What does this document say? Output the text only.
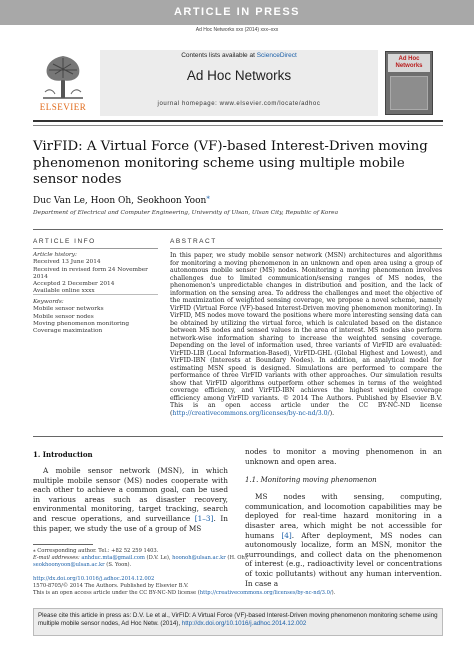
ARTICLE IN PRESS
Ad Hoc Networks xxx (2014) xxx–xxx
ELSEVIER
Contents lists available at ScienceDirect
Ad Hoc Networks
journal homepage: www.elsevier.com/locate/adhoc
Ad Hoc Networks
VirFID: A Virtual Force (VF)-based Interest-Driven moving phenomenon monitoring scheme using multiple mobile sensor nodes
Duc Van Le, Hoon Oh, Seokhoon Yoon⁎
Department of Electrical and Computer Engineering, University of Ulsan, Ulsan City, Republic of Korea
ARTICLE INFO	ABSTRACT
Article history:
Received 13 June 2014
Received in revised form 24 November 2014
Accepted 2 December 2014
Available online xxxx
Keywords:
Mobile sensor networks
Mobile sensor nodes
Moving phenomenon monitoring
Coverage maximization
In this paper, we study mobile sensor network (MSN) architectures and algorithms for monitoring a moving phenomenon in an unknown and open area using a group of autonomous mobile sensor (MS) nodes. Monitoring a moving phenomenon involves challenges due to limited communication/sensing ranges of MS nodes, the phenomenon's unpredictable changes in distribution and position, and the lack of information on the sensing area. To address the challenges and meet the objective of the maximization of weighted sensing coverage, we propose a novel scheme, namely VirFID (Virtual Force (VF)-based Interest-Driven moving phenomenon monitoring). In VirFID, MS nodes move toward the positions where more interesting sensing data can be obtained by utilizing the virtual force, which is calculated based on the distance between MS nodes and sensed values in the area of interest. MS nodes also perform network-wise information sharing to increase the weighted sensing coverage. Depending on the level of information used, three variants of VirFID are evaluated: VirFID-LIB (Local Information-Based), VirFID-GHL (Global Highest and Lowest), and VirFID-IBN (Interests at Boundary Nodes). In addition, an analytical model for estimating MSN speed is designed. Simulations are performed to compare the performance of three VirFID variants with other approaches. Our simulation results show that VirFID algorithms outperform other schemes in terms of the weighted coverage efficiency, and VirFID-IBN achieves the highest weighted coverage efficiency among VirFID variants. © 2014 The Authors. Published by Elsevier B.V. This is an open access article under the CC BY-NC-ND license (http://creativecommons.org/licenses/by-nc-nd/3.0/).
1. Introduction
A mobile sensor network (MSN), in which multiple mobile sensor (MS) nodes cooperate with each other to achieve a common goal, can be used in various areas such as disaster recovery, environmental monitoring, target tracking, search and rescue operations, and surveillance [1–3]. In this paper, we study the use of a group of MS
nodes to monitor a moving phenomenon in an unknown and open area.
1.1. Monitoring moving phenomenon
MS nodes with sensing, computing, communication, and locomotion capabilities may be deployed for real-time hazard monitoring in a disaster area, which might be not accessible for humans [4]. After deployment, MS nodes can autonomously localize, form an MSN, monitor the surroundings, and collect data on the phenomenon of interest (e.g., radioactivity level or concentrations of toxic pollutants) without any human intervention. In case a
⁎ Corresponding author. Tel.: +82 52 259 1403.
E-mail addresses: anhduc.mta@gmail.com (D.V. Le), hoonoh@ulsan.ac.kr (H. Oh), seokhoonyoon@ulsan.ac.kr (S. Yoon).
http://dx.doi.org/10.1016/j.adhoc.2014.12.002
1570-8705/© 2014 The Authors. Published by Elsevier B.V.
This is an open access article under the CC BY-NC-ND license (http://creativecommons.org/licenses/by-nc-nd/3.0/).
Please cite this article in press as: D.V. Le et al., VirFID: A Virtual Force (VF)-based Interest-Driven moving phenomenon monitoring scheme using multiple mobile sensor nodes, Ad Hoc Netw. (2014), http://dx.doi.org/10.1016/j.adhoc.2014.12.002
